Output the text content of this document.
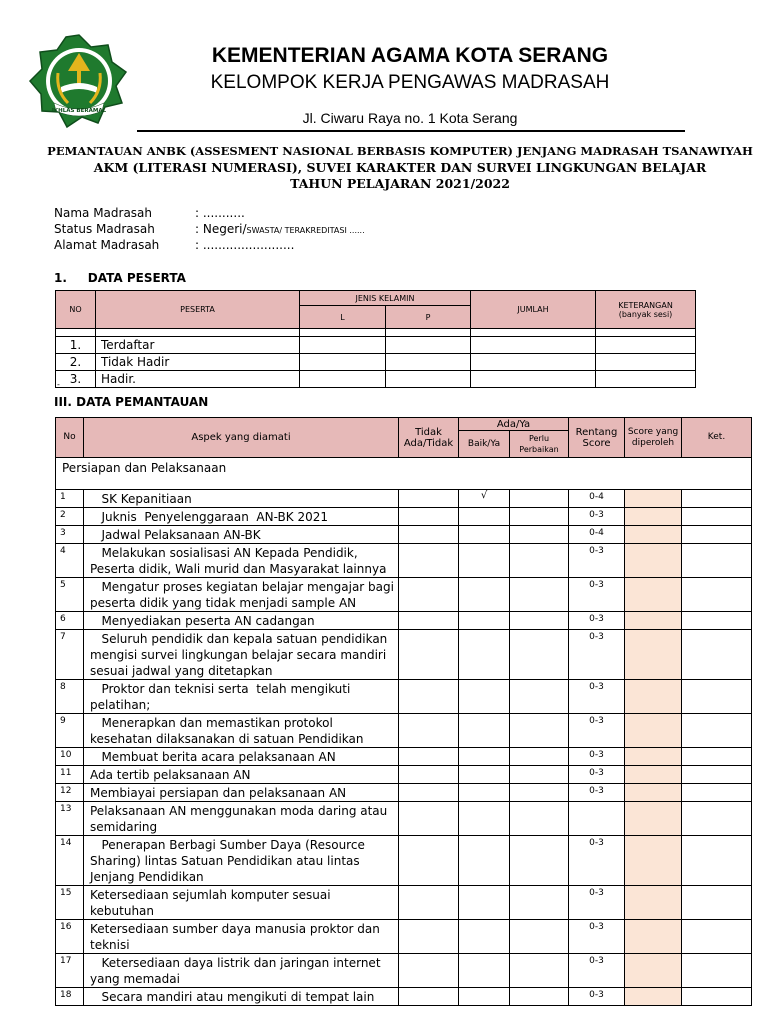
IKHLAS BERAMAL
KEMENTERIAN AGAMA KOTA SERANG
KELOMPOK KERJA PENGAWAS MADRASAH
Jl. Ciwaru Raya no. 1 Kota Serang
PEMANTAUAN ANBK (ASSESMENT NASIONAL BERBASIS KOMPUTER) JENJANG MADRASAH TSANAWIYAH
AKM (LITERASI NUMERASI), SUVEI KARAKTER DAN SURVEI LINGKUNGAN BELAJAR
TAHUN PELAJARAN 2021/2022
Nama Madrasah	: ...........
Status Madrasah	: Negeri/SWASTA/ TERAKREDITASI ......
Alamat Madrasah	: ........................
1.     DATA PESERTA
NO	PESERTA	JENIS KELAMIN		JUMLAH	KETERANGAN
(banyak sesi)

		L	P		

1.	Terdaftar				
2.	Tidak Hadir				
3.	Hadir.				
-
III. DATA PEMANTAUAN
No	Aspek yang diamati	Tidak Ada/Tidak	Ada/Ya		Rentang Score	Score yang diperoleh	Ket.
			Baik/Ya	Perlu Perbaikan			
Persiapan dan Pelaksanaan							
1	SK Kepanitiaan		√		0-4		
2	Juknis  Penyelenggaraan  AN-BK 2021				0-3		
3	Jadwal Pelaksanaan AN-BK				0-4		
4	Melakukan sosialisasi AN Kepada Pendidik, Peserta didik, Wali murid dan Masyarakat lainnya				0-3		
5	Mengatur proses kegiatan belajar mengajar bagi peserta didik yang tidak menjadi sample AN				0-3		
6	Menyediakan peserta AN cadangan				0-3		
7	Seluruh pendidik dan kepala satuan pendidikan mengisi survei lingkungan belajar secara mandiri sesuai jadwal yang ditetapkan				0-3		
8	Proktor dan teknisi serta  telah mengikuti pelatihan;				0-3		
9	Menerapkan dan memastikan protokol kesehatan dilaksanakan di satuan Pendidikan				0-3		
10	Membuat berita acara pelaksanaan AN				0-3		
11	Ada tertib pelaksanaan AN				0-3		
12	Membiayai persiapan dan pelaksanaan AN				0-3		
13	Pelaksanaan AN menggunakan moda daring atau semidaring						
14	Penerapan Berbagi Sumber Daya (Resource Sharing) lintas Satuan Pendidikan atau lintas Jenjang Pendidikan				0-3		
15	Ketersediaan sejumlah komputer sesuai kebutuhan				0-3		
16	Ketersediaan sumber daya manusia proktor dan teknisi				0-3		
17	Ketersediaan daya listrik dan jaringan internet yang memadai				0-3		
18	Secara mandiri atau mengikuti di tempat lain				0-3		
